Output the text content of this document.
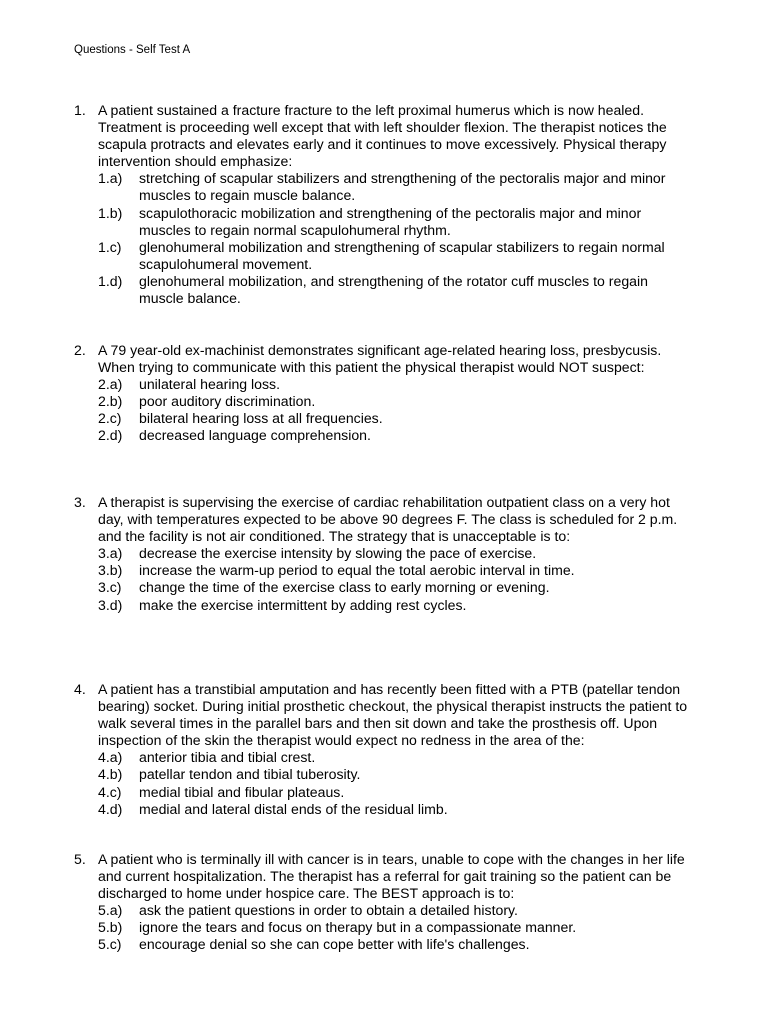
Questions - Self Test A
1. A patient sustained a fracture fracture to the left proximal humerus which is now healed. Treatment is proceeding well except that with left shoulder flexion. The therapist notices the scapula protracts and elevates early and it continues to move excessively. Physical therapy intervention should emphasize:
1.a)	stretching of scapular stabilizers and strengthening of the pectoralis major and minor muscles to regain muscle balance.
1.b)	scapulothoracic mobilization and strengthening of the pectoralis major and minor muscles to regain normal scapulohumeral rhythm.
1.c)	glenohumeral mobilization and strengthening of scapular stabilizers to regain normal scapulohumeral movement.
1.d)	glenohumeral mobilization, and strengthening of the rotator cuff muscles to regain muscle balance.
2. A 79 year-old ex-machinist demonstrates significant age-related hearing loss, presbycusis. When trying to communicate with this patient the physical therapist would NOT suspect:
2.a)	unilateral hearing loss.
2.b)	poor auditory discrimination.
2.c)	bilateral hearing loss at all frequencies.
2.d)	decreased language comprehension.
3. A therapist is supervising the exercise of cardiac rehabilitation outpatient class on a very hot day, with temperatures expected to be above 90 degrees F. The class is scheduled for 2 p.m. and the facility is not air conditioned. The strategy that is unacceptable is to:
3.a)	decrease the exercise intensity by slowing the pace of exercise.
3.b)	increase the warm-up period to equal the total aerobic interval in time.
3.c)	change the time of the exercise class to early morning or evening.
3.d)	make the exercise intermittent by adding rest cycles.
4. A patient has a transtibial amputation and has recently been fitted with a PTB (patellar tendon bearing) socket. During initial prosthetic checkout, the physical therapist instructs the patient to walk several times in the parallel bars and then sit down and take the prosthesis off. Upon inspection of the skin the therapist would expect no redness in the area of the:
4.a)	anterior tibia and tibial crest.
4.b)	patellar tendon and tibial tuberosity.
4.c)	medial tibial and fibular plateaus.
4.d)	medial and lateral distal ends of the residual limb.
5. A patient who is terminally ill with cancer is in tears, unable to cope with the changes in her life and current hospitalization. The therapist has a referral for gait training so the patient can be discharged to home under hospice care. The BEST approach is to:
5.a)	ask the patient questions in order to obtain a detailed history.
5.b)	ignore the tears and focus on therapy but in a compassionate manner.
5.c)	encourage denial so she can cope better with life's challenges.
